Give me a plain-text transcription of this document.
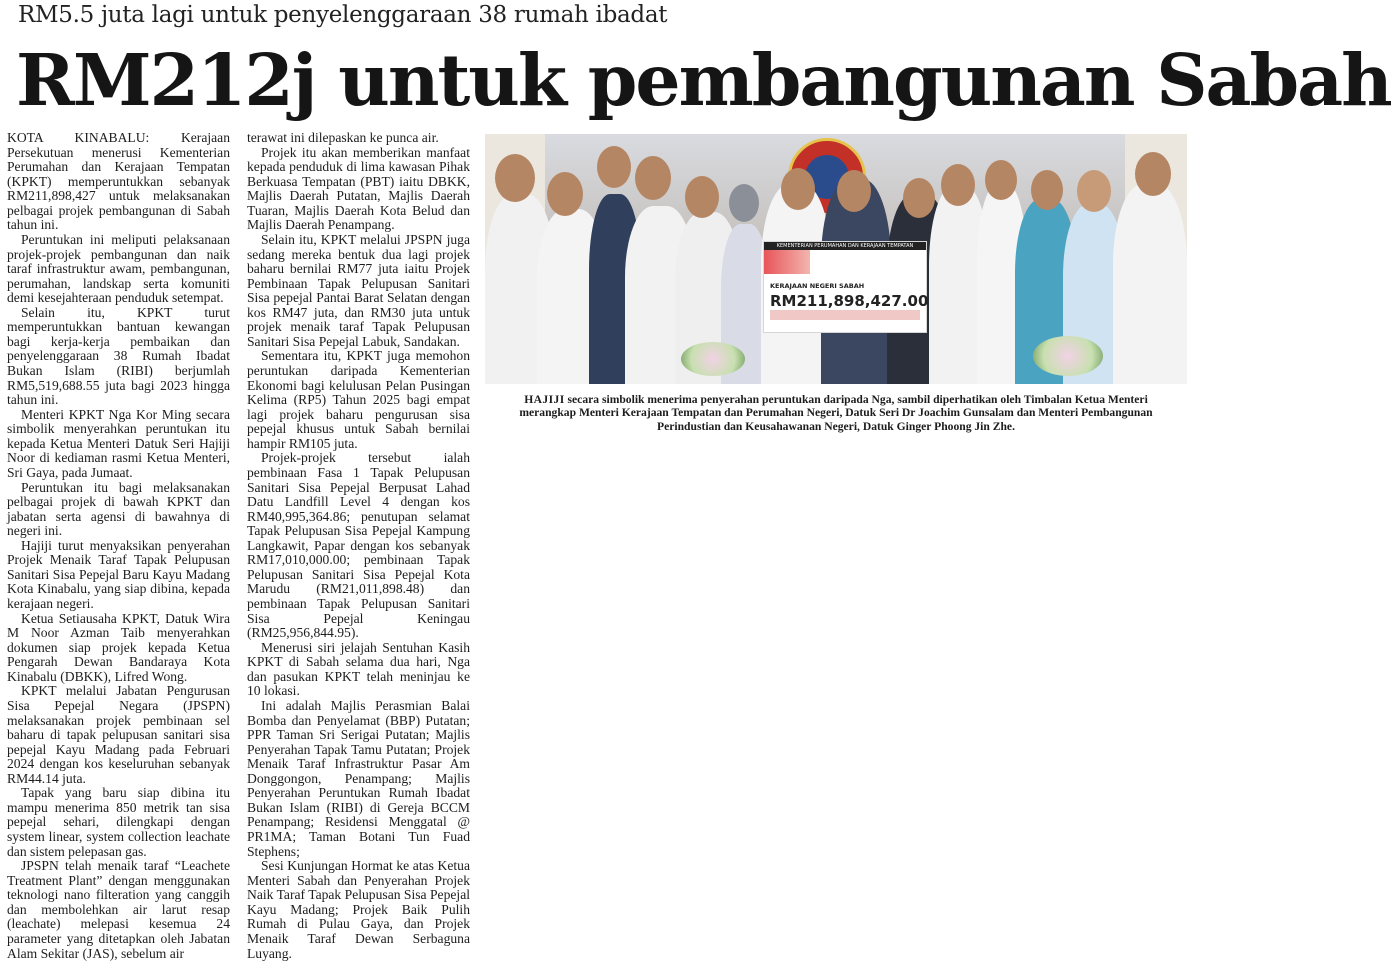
RM5.5 juta lagi untuk penyelenggaraan 38 rumah ibadat
RM212j untuk pembangunan Sabah

KOTA KINABALU: Kerajaan Persekutuan menerusi Kementerian Perumahan dan Kerajaan Tempatan (KPKT) memperuntukkan sebanyak RM211,898,427 untuk melaksanakan pelbagai projek pembangunan di Sabah tahun ini.

Peruntukan ini meliputi pelaksanaan projek-projek pembangunan dan naik taraf infrastruktur awam, pembangunan, perumahan, landskap serta komuniti demi kesejahteraan penduduk setempat.

Selain itu, KPKT turut memperuntukkan bantuan kewangan bagi kerja-kerja pembaikan dan penyelenggaraan 38 Rumah Ibadat Bukan Islam (RIBI) berjumlah RM5,519,688.55 juta bagi 2023 hingga tahun ini.

Menteri KPKT Nga Kor Ming secara simbolik menyerahkan peruntukan itu kepada Ketua Menteri Datuk Seri Hajiji Noor di kediaman rasmi Ketua Menteri, Sri Gaya, pada Jumaat.

Peruntukan itu bagi melaksanakan pelbagai projek di bawah KPKT dan jabatan serta agensi di bawahnya di negeri ini.

Hajiji turut menyaksikan penyerahan Projek Menaik Taraf Tapak Pelupusan Sanitari Sisa Pepejal Baru Kayu Madang Kota Kinabalu, yang siap dibina, kepada kerajaan negeri.

Ketua Setiausaha KPKT, Datuk Wira M Noor Azman Taib menyerahkan dokumen siap projek kepada Ketua Pengarah Dewan Bandaraya Kota Kinabalu (DBKK), Lifred Wong.

KPKT melalui Jabatan Pengurusan Sisa Pepejal Negara (JPSPN) melaksanakan projek pembinaan sel baharu di tapak pelupusan sanitari sisa pepejal Kayu Madang pada Februari 2024 dengan kos keseluruhan sebanyak RM44.14 juta.

Tapak yang baru siap dibina itu mampu menerima 850 metrik tan sisa pepejal sehari, dilengkapi dengan system linear, system collection leachate dan sistem pelepasan gas.

JPSPN telah menaik taraf “Leachete Treatment Plant” dengan menggunakan teknologi nano filteration yang canggih dan membolehkan air larut resap (leachate) melepasi kesemua 24 parameter yang ditetapkan oleh Jabatan Alam Sekitar (JAS), sebelum air

terawat ini dilepaskan ke punca air.

Projek itu akan memberikan manfaat kepada penduduk di lima kawasan Pihak Berkuasa Tempatan (PBT) iaitu DBKK, Majlis Daerah Putatan, Majlis Daerah Tuaran, Majlis Daerah Kota Belud dan Majlis Daerah Penampang.

Selain itu, KPKT melalui JPSPN juga sedang mereka bentuk dua lagi projek baharu bernilai RM77 juta iaitu Projek Pembinaan Tapak Pelupusan Sanitari Sisa pepejal Pantai Barat Selatan dengan kos RM47 juta, dan RM30 juta untuk projek menaik taraf Tapak Pelupusan Sanitari Sisa Pepejal Labuk, Sandakan.

Sementara itu, KPKT juga memohon peruntukan daripada Kementerian Ekonomi bagi kelulusan Pelan Pusingan Kelima (RP5) Tahun 2025 bagi empat lagi projek baharu pengurusan sisa pepejal khusus untuk Sabah bernilai hampir RM105 juta.

Projek-projek tersebut ialah pembinaan Fasa 1 Tapak Pelupusan Sanitari Sisa Pepejal Berpusat Lahad Datu Landfill Level 4 dengan kos RM40,995,364.86; penutupan selamat Tapak Pelupusan Sisa Pepejal Kampung Langkawit, Papar dengan kos sebanyak RM17,010,000.00; pembinaan Tapak Pelupusan Sanitari Sisa Pepejal Kota Marudu (RM21,011,898.48) dan pembinaan Tapak Pelupusan Sanitari Sisa Pepejal Keningau (RM25,956,844.95).

Menerusi siri jelajah Sentuhan Kasih KPKT di Sabah selama dua hari, Nga dan pasukan KPKT telah meninjau ke 10 lokasi.

Ini adalah Majlis Perasmian Balai Bomba dan Penyelamat (BBP) Putatan; PPR Taman Sri Serigai Putatan; Majlis Penyerahan Tapak Tamu Putatan; Projek Menaik Taraf Infrastruktur Pasar Am Donggongon, Penampang; Majlis Penyerahan Peruntukan Rumah Ibadat Bukan Islam (RIBI) di Gereja BCCM Penampang; Residensi Menggatal @ PR1MA; Taman Botani Tun Fuad Stephens;

Sesi Kunjungan Hormat ke atas Ketua Menteri Sabah dan Penyerahan Projek Naik Taraf Tapak Pelupusan Sisa Pepejal Kayu Madang; Projek Baik Pulih Rumah di Pulau Gaya, dan Projek Menaik Taraf Dewan Serbaguna Luyang.

KEMENTERIAN PERUMAHAN DAN KERAJAAN TEMPATAN
KERAJAAN NEGERI SABAH
RM211,898,427.00
HAJIJI secara simbolik menerima penyerahan peruntukan daripada Nga, sambil diperhatikan oleh Timbalan Ketua Menteri merangkap Menteri Kerajaan Tempatan dan Perumahan Negeri, Datuk Seri Dr Joachim Gunsalam dan Menteri Pembangunan Perindustian dan Keusahawanan Negeri, Datuk Ginger Phoong Jin Zhe.
